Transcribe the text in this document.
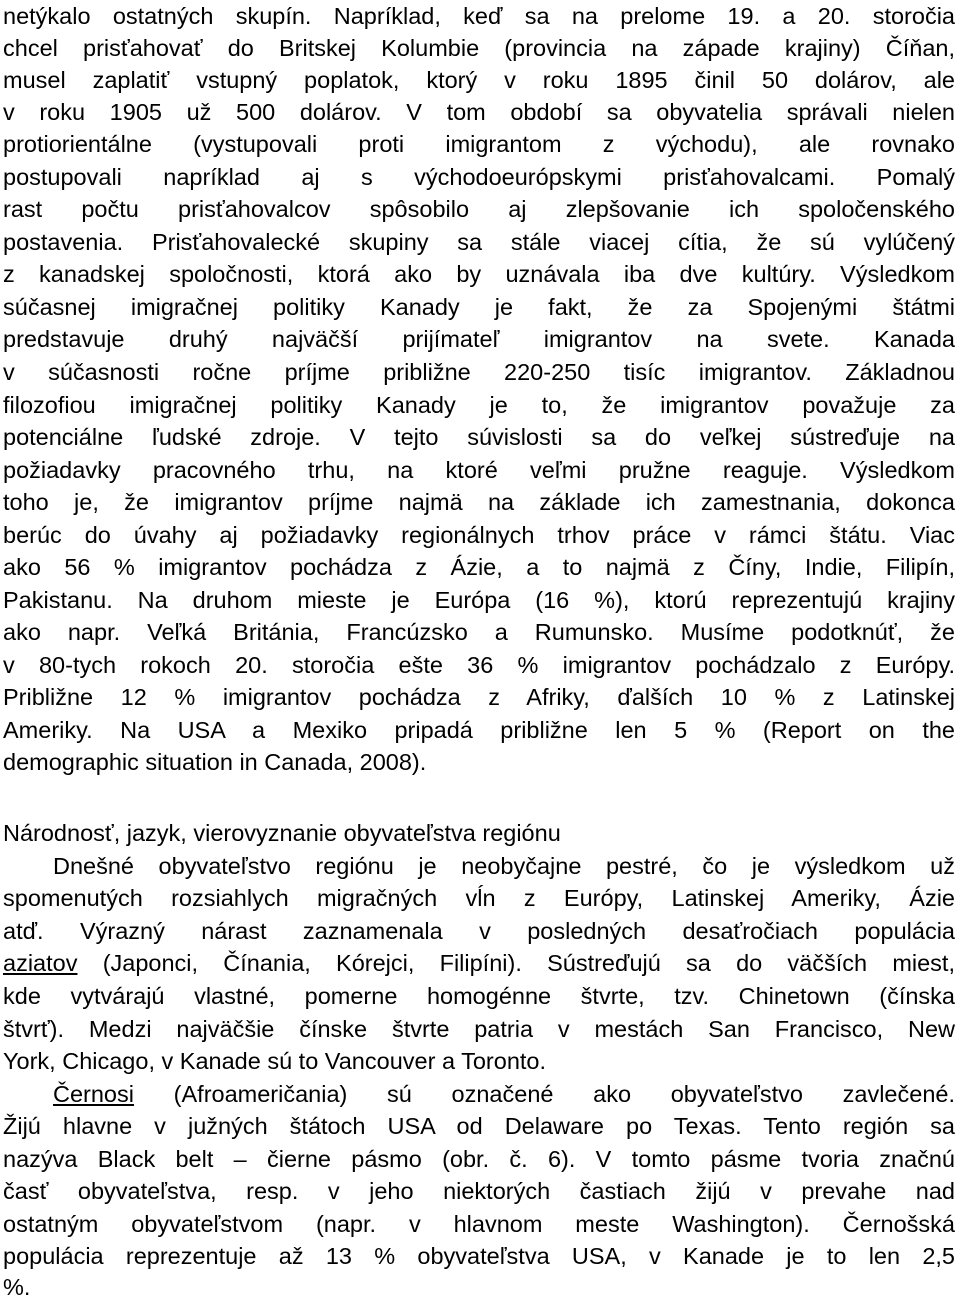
netýkalo ostatných skupín. Napríklad, keď sa na prelome 19. a 20. storočia
chcel prisťahovať do Britskej Kolumbie (provincia na západe krajiny) Číňan,
musel zaplatiť vstupný poplatok, ktorý v roku 1895 činil 50 dolárov, ale
v roku 1905 už 500 dolárov. V tom období sa obyvatelia správali nielen
protiorientálne (vystupovali proti imigrantom z východu), ale rovnako
postupovali napríklad aj s východoeurópskymi prisťahovalcami. Pomalý
rast počtu prisťahovalcov spôsobilo aj zlepšovanie ich spoločenského
postavenia. Prisťahovalecké skupiny sa stále viacej cítia, že sú vylúčený
z kanadskej spoločnosti, ktorá ako by uznávala iba dve kultúry. Výsledkom
súčasnej imigračnej politiky Kanady je fakt, že za Spojenými štátmi
predstavuje druhý najväčší prijímateľ imigrantov na svete. Kanada
v súčasnosti ročne príjme približne 220-250 tisíc imigrantov. Základnou
filozofiou imigračnej politiky Kanady je to, že imigrantov považuje za
potenciálne ľudské zdroje. V tejto súvislosti sa do veľkej sústreďuje na
požiadavky pracovného trhu, na ktoré veľmi pružne reaguje. Výsledkom
toho je, že imigrantov príjme najmä na základe ich zamestnania, dokonca
berúc do úvahy aj požiadavky regionálnych trhov práce v rámci štátu. Viac
ako 56 % imigrantov pochádza z Ázie, a to najmä z Číny, Indie, Filipín,
Pakistanu. Na druhom mieste je Európa (16 %), ktorú reprezentujú krajiny
ako napr. Veľká Británia, Francúzsko a Rumunsko. Musíme podotknúť, že
v 80-tych rokoch 20. storočia ešte 36 % imigrantov pochádzalo z Európy.
Približne 12 % imigrantov pochádza z Afriky, ďalších 10 % z Latinskej
Ameriky. Na USA a Mexiko pripadá približne len 5 % (Report on the
demographic situation in Canada, 2008).
Národnosť, jazyk, vierovyznanie obyvateľstva regiónu
Dnešné obyvateľstvo regiónu je neobyčajne pestré, čo je výsledkom už
spomenutých rozsiahlych migračných vĺn z Európy, Latinskej Ameriky, Ázie
atď. Výrazný nárast zaznamenala v posledných desaťročiach populácia
aziatov (Japonci, Čínania, Kórejci, Filipíni). Sústreďujú sa do väčších miest,
kde vytvárajú vlastné, pomerne homogénne štvrte, tzv. Chinetown (čínska
štvrť). Medzi najväčšie čínske štvrte patria v mestách San Francisco, New
York, Chicago, v Kanade sú to Vancouver a Toronto.
Černosi (Afroameričania) sú označené ako obyvateľstvo zavlečené.
Žijú hlavne v južných štátoch USA od Delaware po Texas. Tento región sa
nazýva Black belt – čierne pásmo (obr. č. 6). V tomto pásme tvoria značnú
časť obyvateľstva, resp. v jeho niektorých častiach žijú v prevahe nad
ostatným obyvateľstvom (napr. v hlavnom meste Washington). Černošská
populácia reprezentuje až 13 % obyvateľstva USA, v Kanade je to len 2,5
%.
